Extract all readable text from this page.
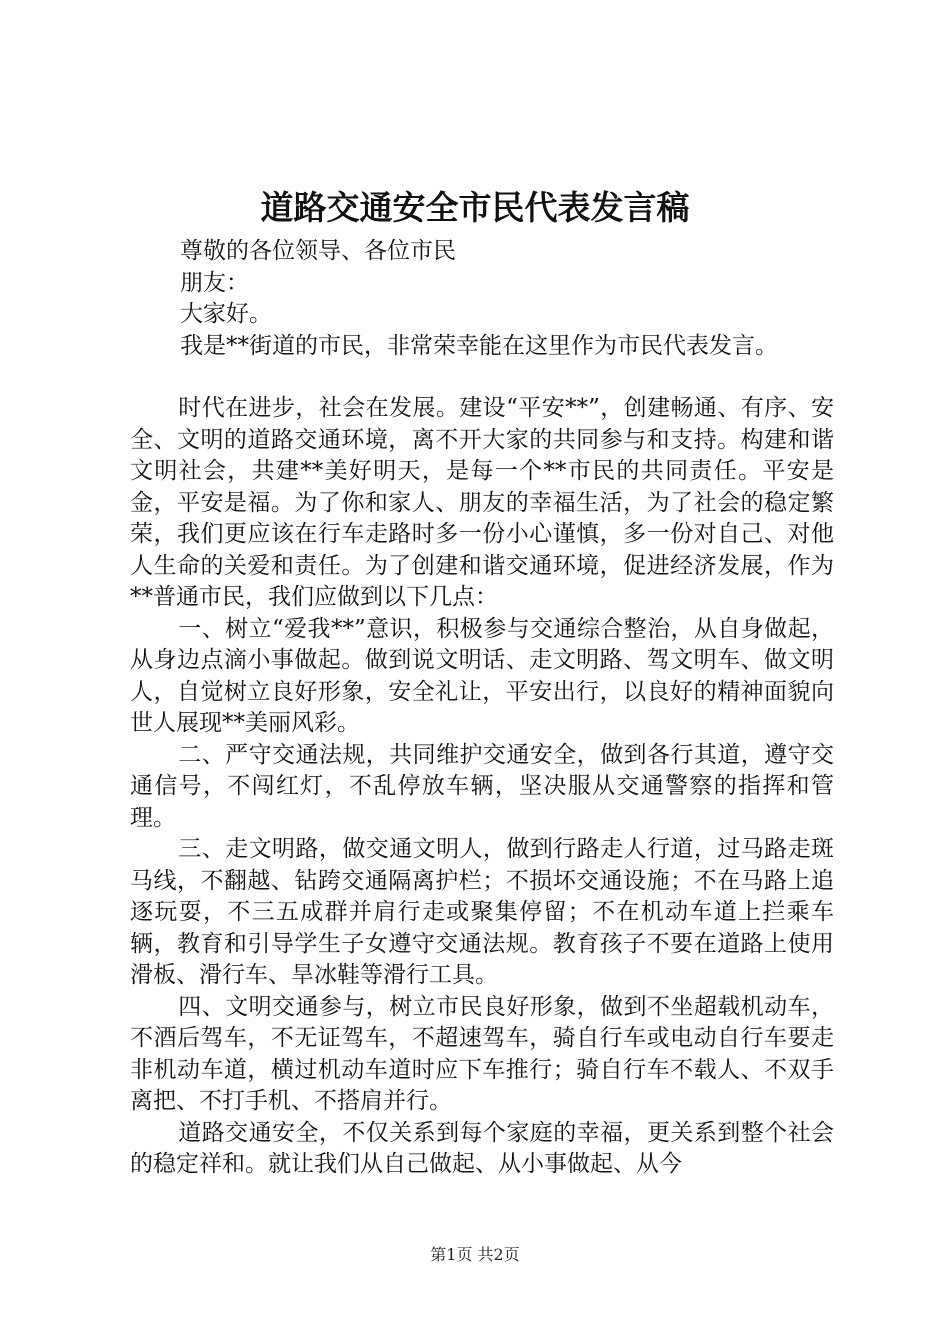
道路交通安全市民代表发言稿

尊敬的各位领导、各位市民

朋友：

大家好。

我是**街道的市民，非常荣幸能在这里作为市民代表发言。

时代在进步，社会在发展。建设“平安**”，创建畅通、有序、安全、文明的道路交通环境，离不开大家的共同参与和支持。构建和谐文明社会，共建**美好明天，是每一个**市民的共同责任。平安是金，平安是福。为了你和家人、朋友的幸福生活，为了社会的稳定繁荣，我们更应该在行车走路时多一份小心谨慎，多一份对自己、对他人生命的关爱和责任。为了创建和谐交通环境，促进经济发展，作为**普通市民，我们应做到以下几点：

一、树立“爱我**”意识，积极参与交通综合整治，从自身做起，从身边点滴小事做起。做到说文明话、走文明路、驾文明车、做文明人，自觉树立良好形象，安全礼让，平安出行，以良好的精神面貌向世人展现**美丽风彩。

二、严守交通法规，共同维护交通安全，做到各行其道，遵守交通信号，不闯红灯，不乱停放车辆，坚决服从交通警察的指挥和管理。

三、走文明路，做交通文明人，做到行路走人行道，过马路走斑马线，不翻越、钻跨交通隔离护栏；不损坏交通设施；不在马路上追逐玩耍，不三五成群并肩行走或聚集停留；不在机动车道上拦乘车辆，教育和引导学生子女遵守交通法规。教育孩子不要在道路上使用滑板、滑行车、旱冰鞋等滑行工具。

四、文明交通参与，树立市民良好形象，做到不坐超载机动车，不酒后驾车，不无证驾车，不超速驾车，骑自行车或电动自行车要走非机动车道，横过机动车道时应下车推行；骑自行车不载人、不双手离把、不打手机、不搭肩并行。

道路交通安全，不仅关系到每个家庭的幸福，更关系到整个社会的稳定祥和。就让我们从自己做起、从小事做起、从今

第1页 共2页
